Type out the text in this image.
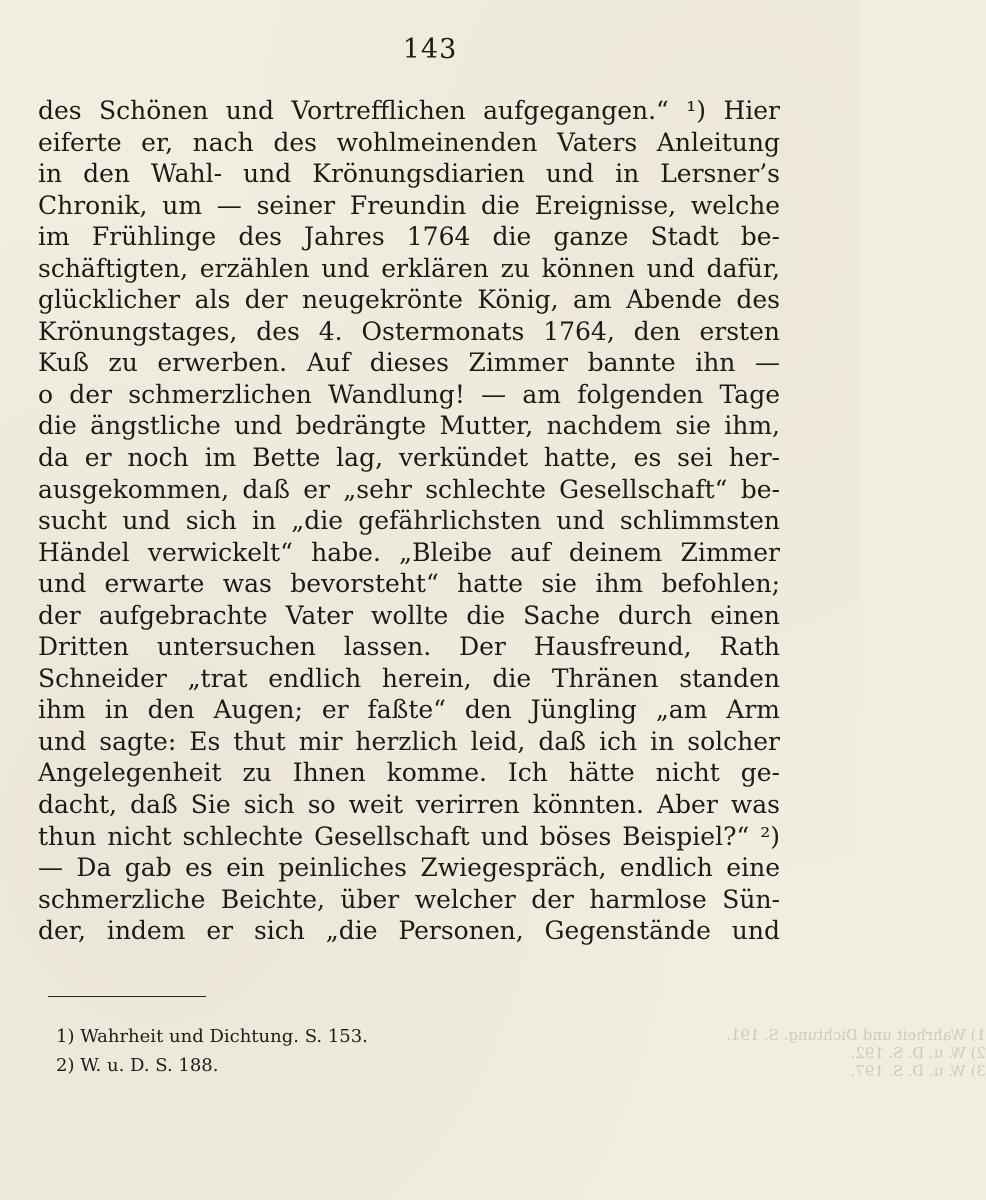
143
des Schönen und Vortrefflichen aufgegangen.“ ¹) Hier
eiferte er, nach des wohlmeinenden Vaters Anleitung
in den Wahl- und Krönungsdiarien und in Lersner’s
Chronik, um — seiner Freundin die Ereignisse, welche
im Frühlinge des Jahres 1764 die ganze Stadt be-
schäftigten, erzählen und erklären zu können und dafür,
glücklicher als der neugekrönte König, am Abende des
Krönungstages, des 4. Ostermonats 1764, den ersten
Kuß zu erwerben. Auf dieses Zimmer bannte ihn —
o der schmerzlichen Wandlung! — am folgenden Tage
die ängstliche und bedrängte Mutter, nachdem sie ihm,
da er noch im Bette lag, verkündet hatte, es sei her-
ausgekommen, daß er „sehr schlechte Gesellschaft“ be-
sucht und sich in „die gefährlichsten und schlimmsten
Händel verwickelt“ habe. „Bleibe auf deinem Zimmer
und erwarte was bevorsteht“ hatte sie ihm befohlen;
der aufgebrachte Vater wollte die Sache durch einen
Dritten untersuchen lassen. Der Hausfreund, Rath
Schneider „trat endlich herein, die Thränen standen
ihm in den Augen; er faßte“ den Jüngling „am Arm
und sagte: Es thut mir herzlich leid, daß ich in solcher
Angelegenheit zu Ihnen komme. Ich hätte nicht ge-
dacht, daß Sie sich so weit verirren könnten. Aber was
thun nicht schlechte Gesellschaft und böses Beispiel?“ ²)
— Da gab es ein peinliches Zwiegespräch, endlich eine
schmerzliche Beichte, über welcher der harmlose Sün-
der, indem er sich „die Personen, Gegenstände und
1) Wahrheit und Dichtung. S. 153.
2) W. u. D. S. 188.
1) Wahrheit und Dichtung. S. 191.
2) W. u. D. S. 192.
3) W. u. D. S. 197.
